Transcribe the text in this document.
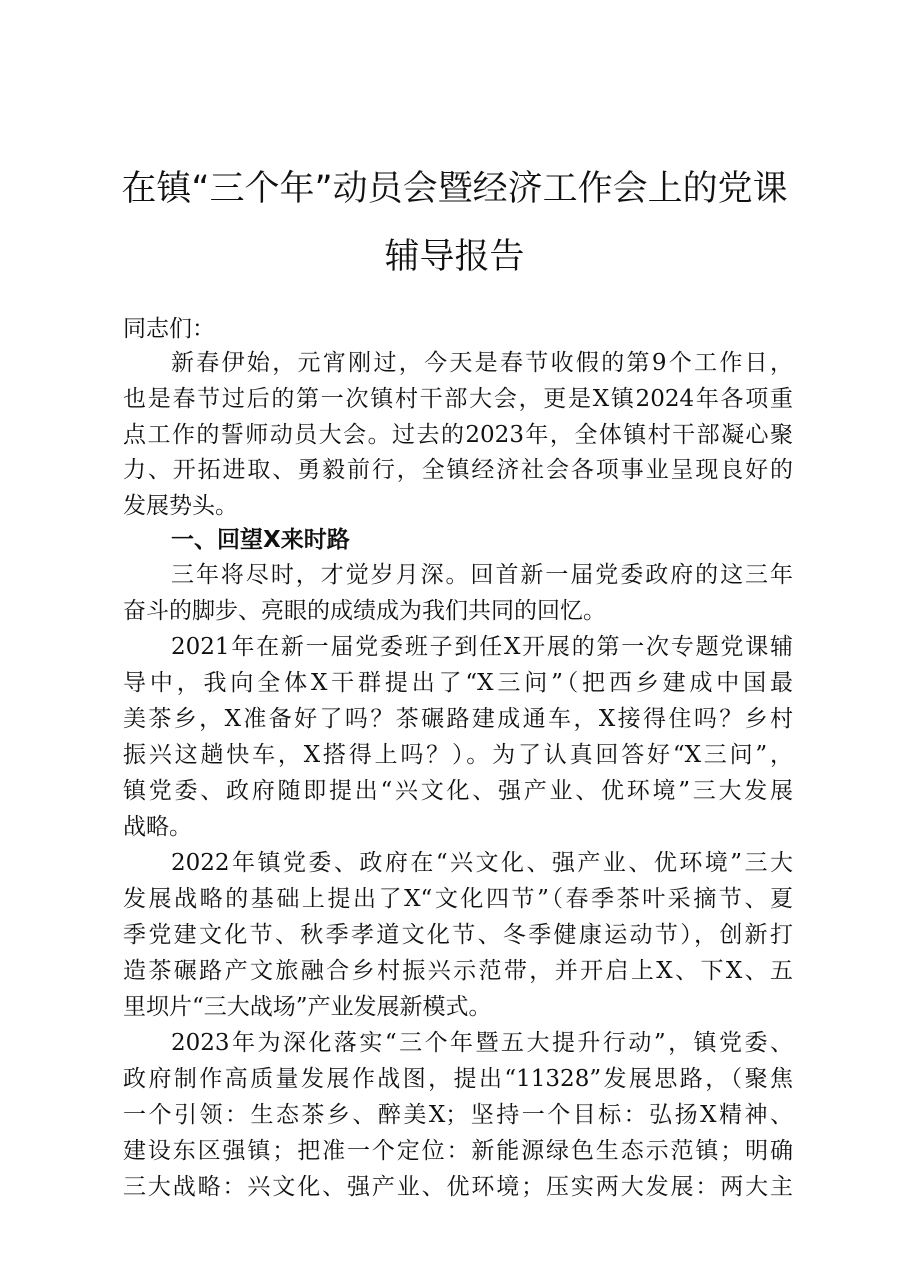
在镇“三个年”动员会暨经济工作会上的党课
辅导报告
同志们：
新春伊始，元宵刚过，今天是春节收假的第9个工作日，
也是春节过后的第一次镇村干部大会，更是X镇2024年各项重
点工作的誓师动员大会。过去的2023年，全体镇村干部凝心聚
力、开拓进取、勇毅前行，全镇经济社会各项事业呈现良好的
发展势头。
一、回望X来时路
三年将尽时，才觉岁月深。回首新一届党委政府的这三年
奋斗的脚步、亮眼的成绩成为我们共同的回忆。
2021年在新一届党委班子到任X开展的第一次专题党课辅
导中，我向全体X干群提出了“X三问”（把西乡建成中国最
美茶乡，X准备好了吗？茶碾路建成通车，X接得住吗？乡村
振兴这趟快车，X搭得上吗？）。为了认真回答好“X三问”，
镇党委、政府随即提出“兴文化、强产业、优环境”三大发展
战略。
2022年镇党委、政府在“兴文化、强产业、优环境”三大
发展战略的基础上提出了X“文化四节”（春季茶叶采摘节、夏
季党建文化节、秋季孝道文化节、冬季健康运动节），创新打
造茶碾路产文旅融合乡村振兴示范带，并开启上X、下X、五
里坝片“三大战场”产业发展新模式。
2023年为深化落实“三个年暨五大提升行动”，镇党委、
政府制作高质量发展作战图，提出“11328”发展思路，（聚焦
一个引领：生态茶乡、醉美X；坚持一个目标：弘扬X精神、
建设东区强镇；把准一个定位：新能源绿色生态示范镇；明确
三大战略：兴文化、强产业、优环境；压实两大发展：两大主
